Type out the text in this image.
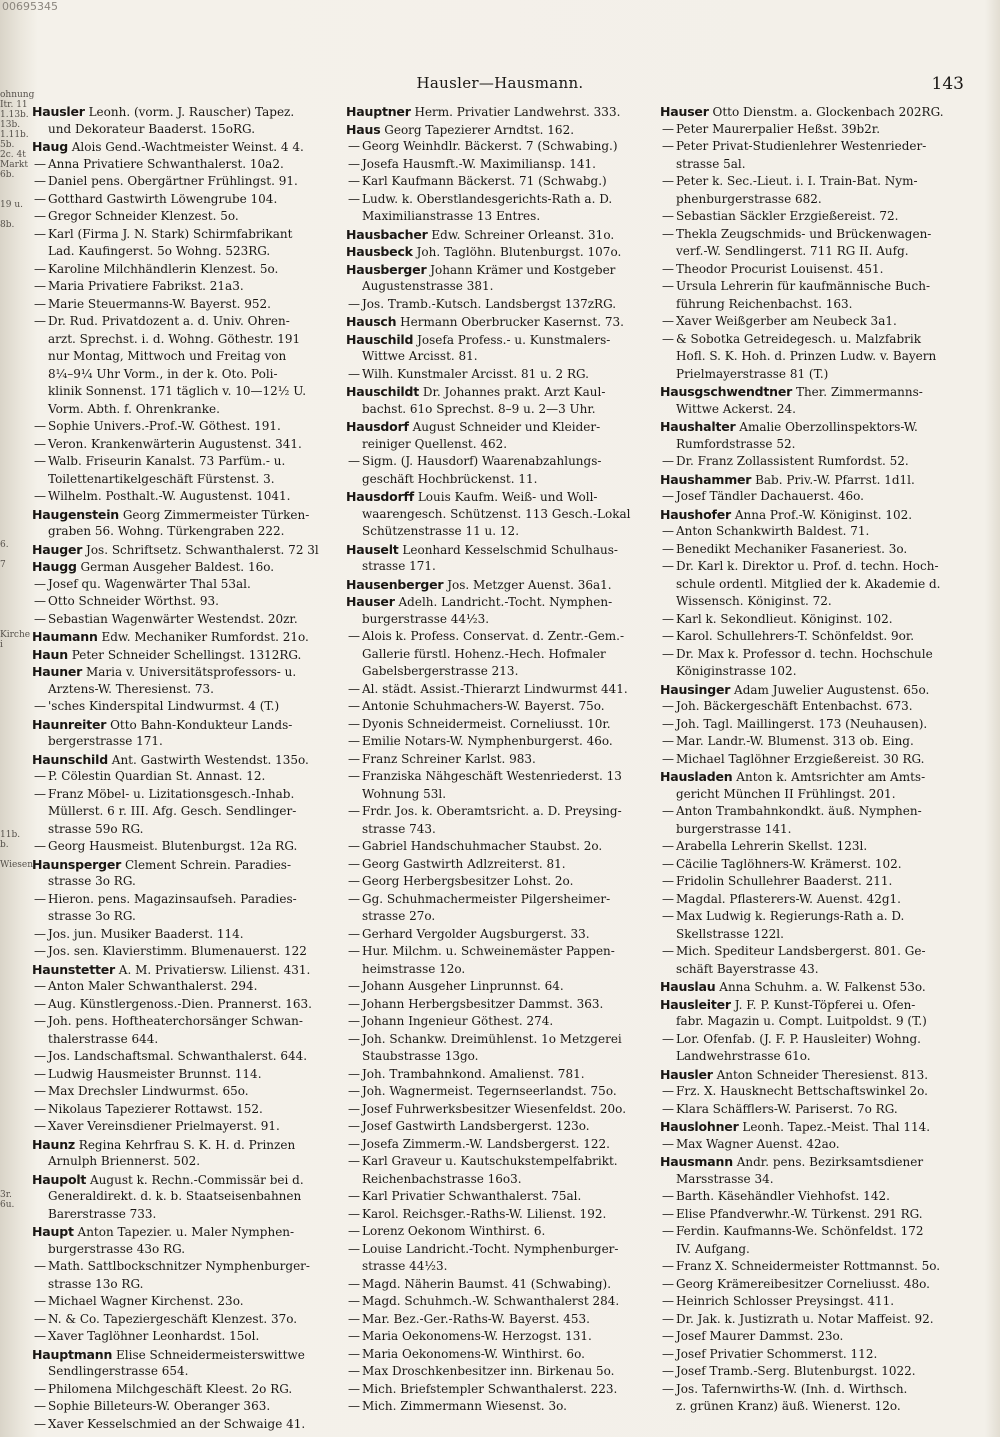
00695345
ohnung
Itr. 11
1.13b.
13b.
1.11b.
5b.
2c. 4t
Markt
6b.
19 u.
8b.
6.
7
Kirche
i
11b.
b.
Wiesen
3r.
6u.
Hausler—Hausmann.	143
Hausler Leonh. (vorm. J. Rauscher) Tapez.
und Dekorateur Baaderst. 15oRG.
Haug Alois Gend.-Wachtmeister Weinst. 4 4.
— Anna Privatiere Schwanthalerst. 10a2.
— Daniel pens. Obergärtner Frühlingst. 91.
— Gotthard Gastwirth Löwengrube 104.
— Gregor Schneider Klenzest. 5o.
— Karl (Firma J. N. Stark) Schirmfabrikant
Lad. Kaufingerst. 5o Wohng. 523RG.
— Karoline Milchhändlerin Klenzest. 5o.
— Maria Privatiere Fabrikst. 21a3.
— Marie Steuermanns-W. Bayerst. 952.
— Dr. Rud. Privatdozent a. d. Univ. Ohren-
arzt. Sprechst. i. d. Wohng. Göthestr. 191
nur Montag, Mittwoch und Freitag von
8¼–9¼ Uhr Vorm., in der k. Oto. Poli-
klinik Sonnenst. 171 täglich v. 10—12½ U.
Vorm. Abth. f. Ohrenkranke.
— Sophie Univers.-Prof.-W. Göthest. 191.
— Veron. Krankenwärterin Augustenst. 341.
— Walb. Friseurin Kanalst. 73 Parfüm.- u.
Toilettenartikelgeschäft Fürstenst. 3.
— Wilhelm. Posthalt.-W. Augustenst. 1041.
Haugenstein Georg Zimmermeister Türken-
graben 56. Wohng. Türkengraben 222.
Hauger Jos. Schriftsetz. Schwanthalerst. 72 3l
Haugg German Ausgeher Baldest. 16o.
— Josef qu. Wagenwärter Thal 53al.
— Otto Schneider Wörthst. 93.
— Sebastian Wagenwärter Westendst. 20zr.
Haumann Edw. Mechaniker Rumfordst. 21o.
Haun Peter Schneider Schellingst. 1312RG.
Hauner Maria v. Universitätsprofessors- u.
Arztens-W. Theresienst. 73.
— 'sches Kinderspital Lindwurmst. 4 (T.)
Haunreiter Otto Bahn-Kondukteur Lands-
bergerstrasse 171.
Haunschild Ant. Gastwirth Westendst. 135o.
— P. Cölestin Quardian St. Annast. 12.
— Franz Möbel- u. Lizitationsgesch.-Inhab.
Müllerst. 6 r. III. Afg. Gesch. Sendlinger-
strasse 59o RG.
— Georg Hausmeist. Blutenburgst. 12a RG.
Haunsperger Clement Schrein. Paradies-
strasse 3o RG.
— Hieron. pens. Magazinsaufseh. Paradies-
strasse 3o RG.
— Jos. jun. Musiker Baaderst. 114.
— Jos. sen. Klavierstimm. Blumenauerst. 122
Haunstetter A. M. Privatiersw. Lilienst. 431.
— Anton Maler Schwanthalerst. 294.
— Aug. Künstlergenoss.-Dien. Prannerst. 163.
— Joh. pens. Hoftheaterchorsänger Schwan-
thalerstrasse 644.
— Jos. Landschaftsmal. Schwanthalerst. 644.
— Ludwig Hausmeister Brunnst. 114.
— Max Drechsler Lindwurmst. 65o.
— Nikolaus Tapezierer Rottawst. 152.
— Xaver Vereinsdiener Prielmayerst. 91.
Haunz Regina Kehrfrau S. K. H. d. Prinzen
Arnulph Briennerst. 502.
Haupolt August k. Rechn.-Commissär bei d.
Generaldirekt. d. k. b. Staatseisenbahnen
Barerstrasse 733.
Haupt Anton Tapezier. u. Maler Nymphen-
burgerstrasse 43o RG.
— Math. Sattlbockschnitzer Nymphenburger-
strasse 13o RG.
— Michael Wagner Kirchenst. 23o.
— N. & Co. Tapeziergeschäft Klenzest. 37o.
— Xaver Taglöhner Leonhardst. 15ol.
Hauptmann Elise Schneidermeisterswittwe
Sendlingerstrasse 654.
— Philomena Milchgeschäft Kleest. 2o RG.
— Sophie Billeteurs-W. Oberanger 363.
— Xaver Kesselschmied an der Schwaige 41.
Hauptner Herm. Privatier Landwehrst. 333.
Haus Georg Tapezierer Arndtst. 162.
— Georg Weinhdlr. Bäckerst. 7 (Schwabing.)
— Josefa Hausmft.-W. Maximiliansp. 141.
— Karl Kaufmann Bäckerst. 71 (Schwabg.)
— Ludw. k. Oberstlandesgerichts-Rath a. D.
Maximilianstrasse 13 Entres.
Hausbacher Edw. Schreiner Orleanst. 31o.
Hausbeck Joh. Taglöhn. Blutenburgst. 107o.
Hausberger Johann Krämer und Kostgeber
Augustenstrasse 381.
— Jos. Tramb.-Kutsch. Landsbergst 137zRG.
Hausch Hermann Oberbrucker Kasernst. 73.
Hauschild Josefa Profess.- u. Kunstmalers-
Wittwe Arcisst. 81.
— Wilh. Kunstmaler Arcisst. 81 u. 2 RG.
Hauschildt Dr. Johannes prakt. Arzt Kaul-
bachst. 61o Sprechst. 8–9 u. 2—3 Uhr.
Hausdorf August Schneider und Kleider-
reiniger Quellenst. 462.
— Sigm. (J. Hausdorf) Waarenabzahlungs-
geschäft Hochbrückenst. 11.
Hausdorff Louis Kaufm. Weiß- und Woll-
waarengesch. Schützenst. 113 Gesch.-Lokal
Schützenstrasse 11 u. 12.
Hauselt Leonhard Kesselschmid Schulhaus-
strasse 171.
Hausenberger Jos. Metzger Auenst. 36a1.
Hauser Adelh. Landricht.-Tocht. Nymphen-
burgerstrasse 44½3.
— Alois k. Profess. Conservat. d. Zentr.-Gem.-
Gallerie fürstl. Hohenz.-Hech. Hofmaler
Gabelsbergerstrasse 213.
— Al. städt. Assist.-Thierarzt Lindwurmst 441.
— Antonie Schuhmachers-W. Bayerst. 75o.
— Dyonis Schneidermeist. Corneliusst. 10r.
— Emilie Notars-W. Nymphenburgerst. 46o.
— Franz Schreiner Karlst. 983.
— Franziska Nähgeschäft Westenriederst. 13
Wohnung 53l.
— Frdr. Jos. k. Oberamtsricht. a. D. Preysing-
strasse 743.
— Gabriel Handschuhmacher Staubst. 2o.
— Georg Gastwirth Adlzreiterst. 81.
— Georg Herbergsbesitzer Lohst. 2o.
— Gg. Schuhmachermeister Pilgersheimer-
strasse 27o.
— Gerhard Vergolder Augsburgerst. 33.
— Hur. Milchm. u. Schweinemäster Pappen-
heimstrasse 12o.
— Johann Ausgeher Linprunnst. 64.
— Johann Herbergsbesitzer Dammst. 363.
— Johann Ingenieur Göthest. 274.
— Joh. Schankw. Dreimühlenst. 1o Metzgerei
Staubstrasse 13go.
— Joh. Trambahnkond. Amalienst. 781.
— Joh. Wagnermeist. Tegernseerlandst. 75o.
— Josef Fuhrwerksbesitzer Wiesenfeldst. 20o.
— Josef Gastwirth Landsbergerst. 123o.
— Josefa Zimmerm.-W. Landsbergerst. 122.
— Karl Graveur u. Kautschukstempelfabrikt.
Reichenbachstrasse 16o3.
— Karl Privatier Schwanthalerst. 75al.
— Karol. Reichsger.-Raths-W. Lilienst. 192.
— Lorenz Oekonom Winthirst. 6.
— Louise Landricht.-Tocht. Nymphenburger-
strasse 44½3.
— Magd. Näherin Baumst. 41 (Schwabing).
— Magd. Schuhmch.-W. Schwanthalerst 284.
— Mar. Bez.-Ger.-Raths-W. Bayerst. 453.
— Maria Oekonomens-W. Herzogst. 131.
— Maria Oekonomens-W. Winthirst. 6o.
— Max Droschkenbesitzer inn. Birkenau 5o.
— Mich. Briefstempler Schwanthalerst. 223.
— Mich. Zimmermann Wiesenst. 3o.
Hauser Otto Dienstm. a. Glockenbach 202RG.
— Peter Maurerpalier Heßst. 39b2r.
— Peter Privat-Studienlehrer Westenrieder-
strasse 5al.
— Peter k. Sec.-Lieut. i. I. Train-Bat. Nym-
phenburgerstrasse 682.
— Sebastian Säckler Erzgießereist. 72.
— Thekla Zeugschmids- und Brückenwagen-
verf.-W. Sendlingerst. 711 RG II. Aufg.
— Theodor Procurist Louisenst. 451.
— Ursula Lehrerin für kaufmännische Buch-
führung Reichenbachst. 163.
— Xaver Weißgerber am Neubeck 3a1.
— & Sobotka Getreidegesch. u. Malzfabrik
Hofl. S. K. Hoh. d. Prinzen Ludw. v. Bayern
Prielmayerstrasse 81 (T.)
Hausgschwendtner Ther. Zimmermanns-
Wittwe Ackerst. 24.
Haushalter Amalie Oberzollinspektors-W.
Rumfordstrasse 52.
— Dr. Franz Zollassistent Rumfordst. 52.
Haushammer Bab. Priv.-W. Pfarrst. 1d1l.
— Josef Tändler Dachauerst. 46o.
Haushofer Anna Prof.-W. Königinst. 102.
— Anton Schankwirth Baldest. 71.
— Benedikt Mechaniker Fasaneriest. 3o.
— Dr. Karl k. Direktor u. Prof. d. techn. Hoch-
schule ordentl. Mitglied der k. Akademie d.
Wissensch. Königinst. 72.
— Karl k. Sekondlieut. Königinst. 102.
— Karol. Schullehrers-T. Schönfeldst. 9or.
— Dr. Max k. Professor d. techn. Hochschule
Königinstrasse 102.
Hausinger Adam Juwelier Augustenst. 65o.
— Joh. Bäckergeschäft Entenbachst. 673.
— Joh. Tagl. Maillingerst. 173 (Neuhausen).
— Mar. Landr.-W. Blumenst. 313 ob. Eing.
— Michael Taglöhner Erzgießereist. 30 RG.
Hausladen Anton k. Amtsrichter am Amts-
gericht München II Frühlingst. 201.
— Anton Trambahnkondkt. äuß. Nymphen-
burgerstrasse 141.
— Arabella Lehrerin Skellst. 123l.
— Cäcilie Taglöhners-W. Krämerst. 102.
— Fridolin Schullehrer Baaderst. 211.
— Magdal. Pflasterers-W. Auenst. 42g1.
— Max Ludwig k. Regierungs-Rath a. D.
Skellstrasse 122l.
— Mich. Spediteur Landsbergerst. 801. Ge-
schäft Bayerstrasse 43.
Hauslau Anna Schuhm. a. W. Falkenst 53o.
Hausleiter J. F. P. Kunst-Töpferei u. Ofen-
fabr. Magazin u. Compt. Luitpoldst. 9 (T.)
— Lor. Ofenfab. (J. F. P. Hausleiter) Wohng.
Landwehrstrasse 61o.
Hausler Anton Schneider Theresienst. 813.
— Frz. X. Hausknecht Bettschaftswinkel 2o.
— Klara Schäfflers-W. Pariserst. 7o RG.
Hauslohner Leonh. Tapez.-Meist. Thal 114.
— Max Wagner Auenst. 42ao.
Hausmann Andr. pens. Bezirksamtsdiener
Marsstrasse 34.
— Barth. Käsehändler Viehhofst. 142.
— Elise Pfandverwhr.-W. Türkenst. 291 RG.
— Ferdin. Kaufmanns-We. Schönfeldst. 172
IV. Aufgang.
— Franz X. Schneidermeister Rottmannst. 5o.
— Georg Krämereibesitzer Corneliusst. 48o.
— Heinrich Schlosser Preysingst. 411.
— Dr. Jak. k. Justizrath u. Notar Maffeist. 92.
— Josef Maurer Dammst. 23o.
— Josef Privatier Schommerst. 112.
— Josef Tramb.-Serg. Blutenburgst. 1022.
— Jos. Tafernwirths-W. (Inh. d. Wirthsch.
z. grünen Kranz) äuß. Wienerst. 12o.
